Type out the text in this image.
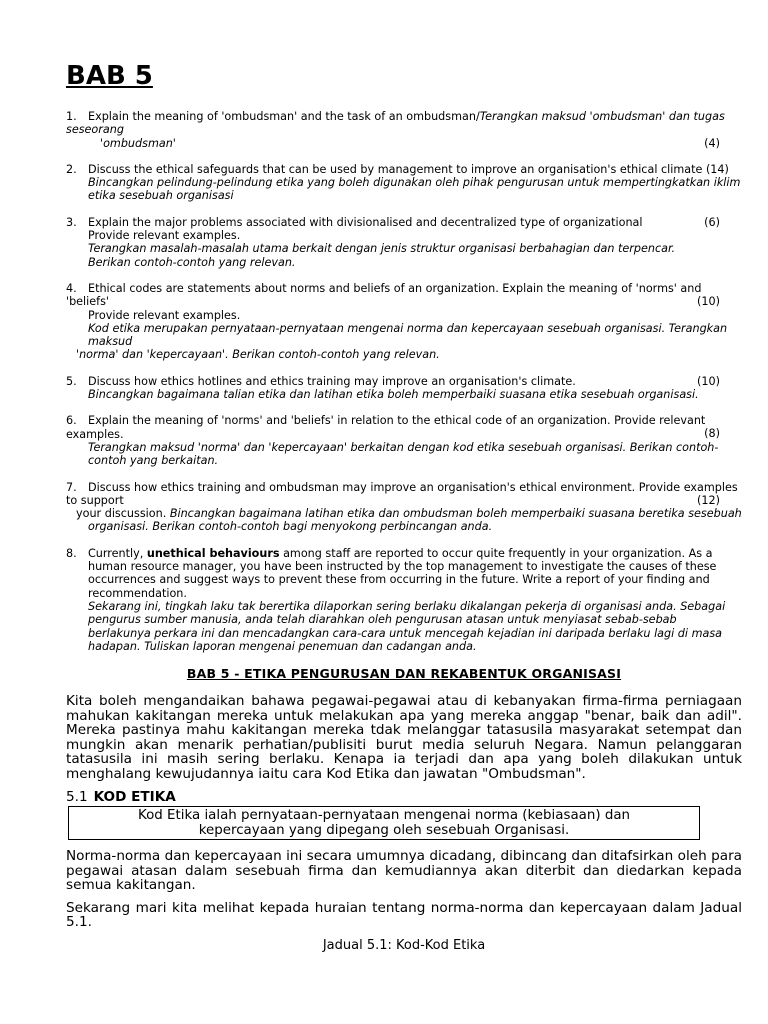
BAB 5
1. Explain the meaning of 'ombudsman' and the task of an ombudsman/Terangkan maksud 'ombudsman' dan tugas seseorang
'ombudsman'	(4)
2. Discuss the ethical safeguards that can be used by management to improve an organisation's ethical climate (14)

Bincangkan pelindung-pelindung etika yang boleh digunakan oleh pihak pengurusan untuk mempertingkatkan iklim etika sesebuah organisasi
3. Explain the major problems associated with divisionalised and decentralized type of organizational	(6)

Provide relevant examples.
Terangkan masalah-masalah utama berkait dengan jenis struktur organisasi berbahagian dan terpencar.
Berikan contoh-contoh yang relevan.
4. Ethical codes are statements about norms and beliefs of an organization. Explain the meaning of 'norms' and 'beliefs'	(10)

Provide relevant examples.
Kod etika merupakan pernyataan-pernyataan mengenai norma dan kepercayaan sesebuah organisasi. Terangkan maksud
'norma' dan 'kepercayaan'. Berikan contoh-contoh yang relevan.
5. Discuss how ethics hotlines and ethics training may improve an organisation's climate.	(10)

Bincangkan bagaimana talian etika dan latihan etika boleh memperbaiki suasana etika sesebuah organisasi.
6. Explain the meaning of 'norms' and 'beliefs' in relation to the ethical code of an organization. Provide relevant examples.	(8)

Terangkan maksud 'norma' dan 'kepercayaan' berkaitan dengan kod etika sesebuah organisasi. Berikan contoh-contoh yang berkaitan.
7. Discuss how ethics training and ombudsman may improve an organisation's ethical environment. Provide examples to support	(12)

your discussion. Bincangkan bagaimana latihan etika dan ombudsman boleh memperbaiki suasana beretika sesebuah
organisasi. Berikan contoh-contoh bagi menyokong perbincangan anda.
8.	Currently, unethical behaviours among staff are reported to occur quite frequently in your organization. As a human resource manager, you have been instructed by the top management to investigate the causes of these occurrences and suggest ways to prevent these from occurring in the future. Write a report of your finding and recommendation.
Sekarang ini, tingkah laku tak berertika dilaporkan sering berlaku dikalangan pekerja di organisasi anda. Sebagai pengurus sumber manusia, anda telah diarahkan oleh pengurusan atasan untuk menyiasat sebab-sebab berlakunya perkara ini dan mencadangkan cara-cara untuk mencegah kejadian ini daripada berlaku lagi di masa hadapan. Tuliskan laporan mengenai penemuan dan cadangan anda.
BAB 5 - ETIKA PENGURUSAN DAN REKABENTUK ORGANISASI

Kita boleh mengandaikan bahawa pegawai-pegawai atau di kebanyakan firma-firma perniagaan mahukan kakitangan mereka untuk melakukan apa yang mereka anggap "benar, baik dan adil". Mereka pastinya mahu kakitangan mereka tdak melanggar tatasusila masyarakat setempat dan mungkin akan menarik perhatian/publisiti burut media seluruh Negara. Namun pelanggaran tatasusila ini masih sering berlaku. Kenapa ia terjadi dan apa yang boleh dilakukan untuk menghalang kewujudannya iaitu cara Kod Etika dan jawatan "Ombudsman".

5.1 KOD ETIKA
Kod Etika ialah pernyataan-pernyataan mengenai norma (kebiasaan) dan
kepercayaan yang dipegang oleh sesebuah Organisasi.

Norma-norma dan kepercayaan ini secara umumnya dicadang, dibincang dan ditafsirkan oleh para pegawai atasan dalam sesebuah firma dan kemudiannya akan diterbit dan diedarkan kepada semua kakitangan.

Sekarang mari kita melihat kepada huraian tentang norma-norma dan kepercayaan dalam Jadual 5.1.

Jadual 5.1: Kod-Kod Etika
